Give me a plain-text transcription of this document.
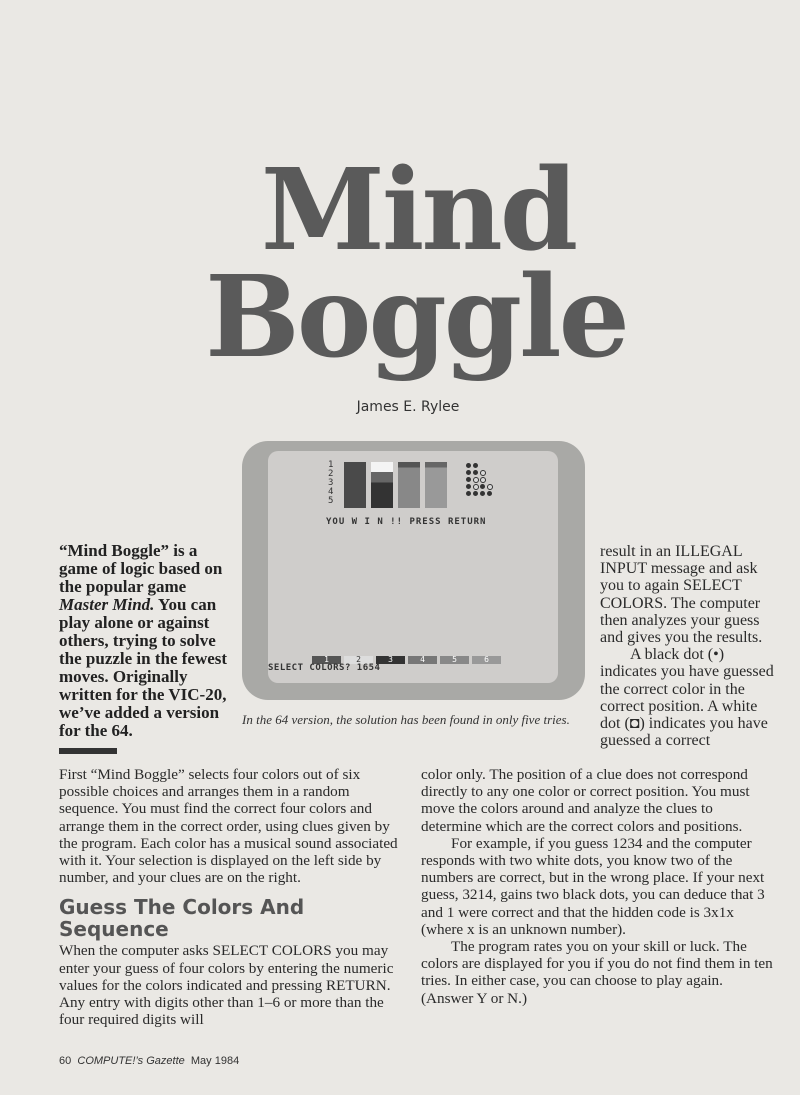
Mind
Boggle
James E. Rylee
1
2
3
4
5
YOU W I N !! PRESS RETURN
1	2	3	4	5	6
SELECT COLORS? 1654
In the 64 version, the solution has been found in only five tries.
“Mind Boggle” is a game of logic based on the popular game Master Mind. You can play alone or against others, trying to solve the puzzle in the fewest moves. Originally written for the VIC-20, we’ve added a version for the 64.
result in an ILLEGAL INPUT message and ask you to again SELECT COLORS. The computer then analyzes your guess and gives you the results.
A black dot (•) indicates you have guessed the correct color in the correct position. A white dot (◘) indicates you have guessed a correct

First “Mind Boggle” selects four colors out of six possible choices and arranges them in a random sequence. You must find the correct four colors and arrange them in the correct order, using clues given by the program. Each color has a musical sound associated with it. Your selection is displayed on the left side by number, and your clues are on the right.

Guess The Colors And Sequence

When the computer asks SELECT COLORS you may enter your guess of four colors by entering the numeric values for the colors indicated and pressing RETURN. Any entry with digits other than 1–6 or more than the four required digits will

color only. The position of a clue does not correspond directly to any one color or correct position. You must move the colors around and analyze the clues to determine which are the correct colors and positions.

For example, if you guess 1234 and the computer responds with two white dots, you know two of the numbers are correct, but in the wrong place. If your next guess, 3214, gains two black dots, you can deduce that 3 and 1 were correct and that the hidden code is 3x1x (where x is an unknown number).

The program rates you on your skill or luck. The colors are displayed for you if you do not find them in ten tries. In either case, you can choose to play again. (Answer Y or N.)

60 COMPUTE!’s Gazette May 1984
